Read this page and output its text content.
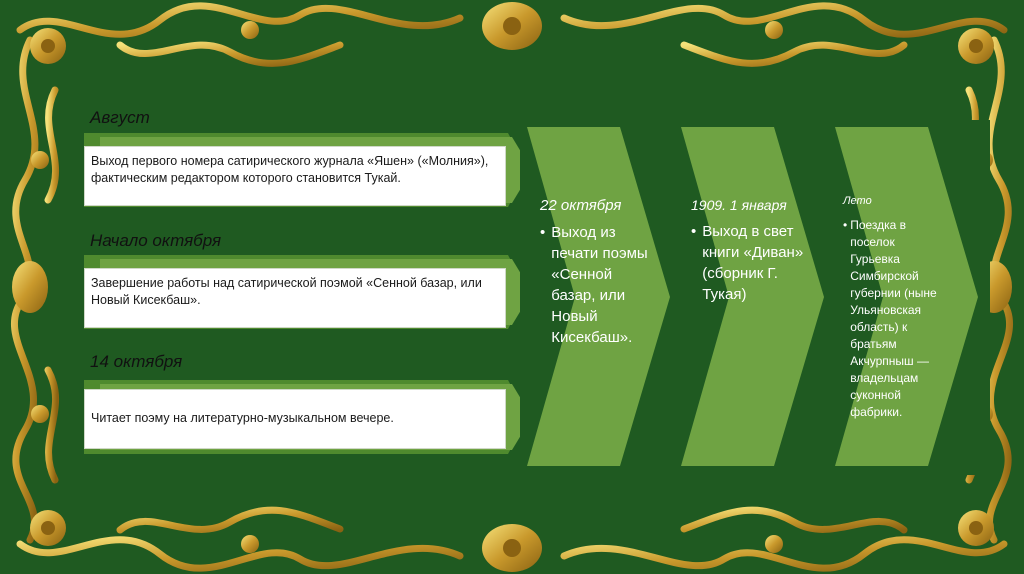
Август
Выход первого номера сатирического журнала «Яшен» («Молния»), фактическим редактором которого становится Тукай.
Начало октября
Завершение работы над сатирической поэмой «Сенной базар, или Новый Кисекбаш».
14 октября
Читает поэму на литературно-музыкальном вечере.
22 октября
• Выход из печати поэмы «Сенной базар, или Новый Кисекбаш».
1909. 1 января
• Выход в свет книги «Диван» (сборник Г. Тукая)
Лето
• Поездка в поселок Гурьевка Симбирской губернии (ныне Ульяновская область) к братьям Акчурпныш — владельцам суконной фабрики.
